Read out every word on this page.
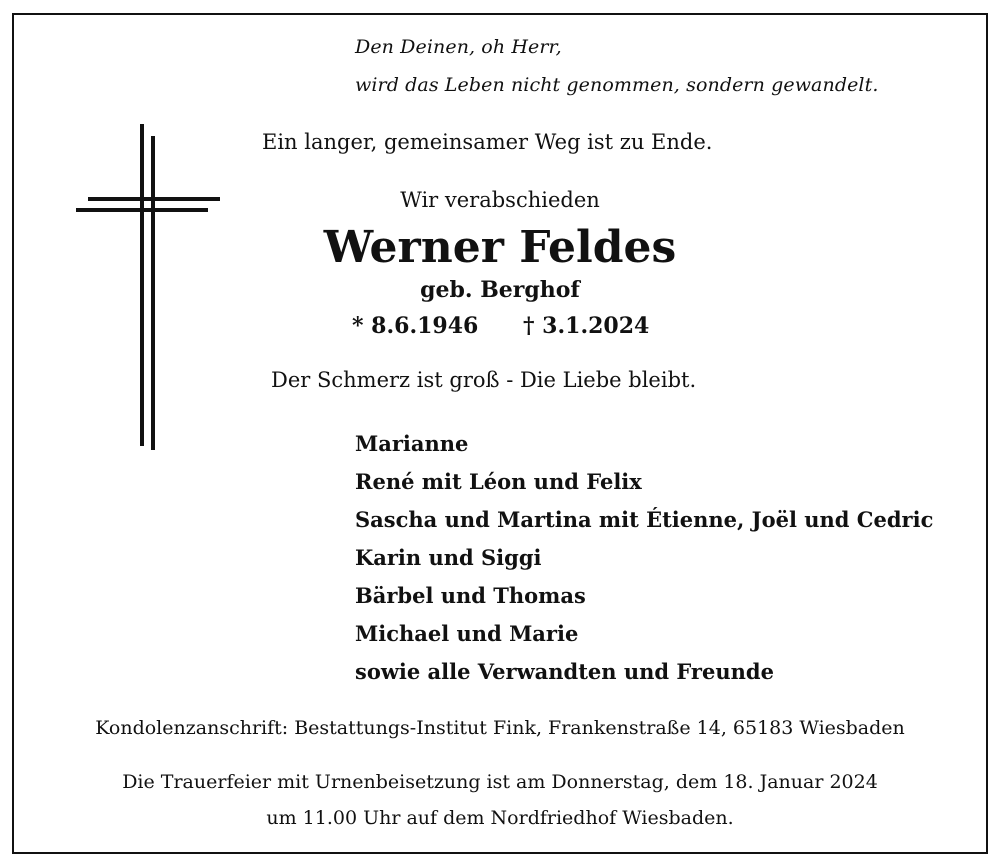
Den Deinen, oh Herr,
wird das Leben nicht genommen, sondern gewandelt.
Ein langer, gemeinsamer Weg ist zu Ende.
Wir verabschieden
Werner Feldes
geb. Berghof
* 8.6.1946 † 3.1.2024
Der Schmerz ist groß - Die Liebe bleibt.
Marianne
René mit Léon und Felix
Sascha und Martina mit Étienne, Joël und Cedric
Karin und Siggi
Bärbel und Thomas
Michael und Marie
sowie alle Verwandten und Freunde
Kondolenzanschrift: Bestattungs-Institut Fink, Frankenstraße 14, 65183 Wiesbaden
Die Trauerfeier mit Urnenbeisetzung ist am Donnerstag, dem 18. Januar 2024
um 11.00 Uhr auf dem Nordfriedhof Wiesbaden.
